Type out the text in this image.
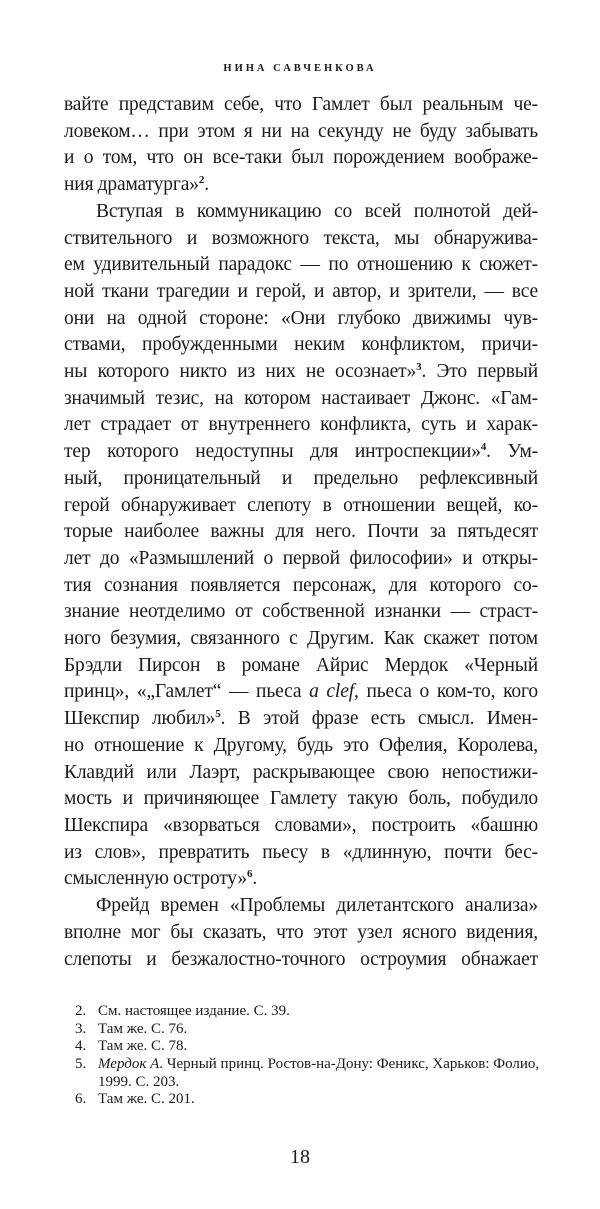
НИНА САВЧЕНКОВА
вайте представим себе, что Гамлет был реальным че-
ловеком… при этом я ни на секунду не буду забывать
и о том, что он все-таки был порождением воображе-
ния драматурга»$^2$.
Вступая в коммуникацию со всей полнотой дей-
ствительного и возможного текста, мы обнаружива-
ем удивительный парадокс — по отношению к сюжет-
ной ткани трагедии и герой, и автор, и зрители, — все
они на одной стороне: «Они глубоко движимы чув-
ствами, пробужденными неким конфликтом, причи-
ны которого никто из них не осознает»$^3$. Это первый
значимый тезис, на котором настаивает Джонс. «Гам-
лет страдает от внутреннего конфликта, суть и харак-
тер которого недоступны для интроспекции»$^4$. Ум-
ный, проницательный и предельно рефлексивный
герой обнаруживает слепоту в отношении вещей, ко-
торые наиболее важны для него. Почти за пятьдесят
лет до «Размышлений о первой философии» и откры-
тия сознания появляется персонаж, для которого со-
знание неотделимо от собственной изнанки — страст-
ного безумия, связанного с Другим. Как скажет потом
Брэдли Пирсон в романе Айрис Мердок «Черный
принц», «„Гамлет“ — пьеса a clef, пьеса о ком-то, кого
Шекспир любил»$^5$. В этой фразе есть смысл. Имен-
но отношение к Другому, будь это Офелия, Королева,
Клавдий или Лаэрт, раскрывающее свою непостижи-
мость и причиняющее Гамлету такую боль, побудило
Шекспира «взорваться словами», построить «башню
из слов», превратить пьесу в «длинную, почти бес-
смысленную остроту»$^6$.
Фрейд времен «Проблемы дилетантского анализа»
вполне мог бы сказать, что этот узел ясного видения,
слепоты и безжалостно-точного остроумия обнажает
2. См. настоящее издание. С. 39.
3. Там же. С. 76.
4. Там же. С. 78.
5. Мердок А. Черный принц. Ростов-на-Дону: Феникс, Харьков: Фолио, 1999. С. 203.
6. Там же. С. 201.
18
